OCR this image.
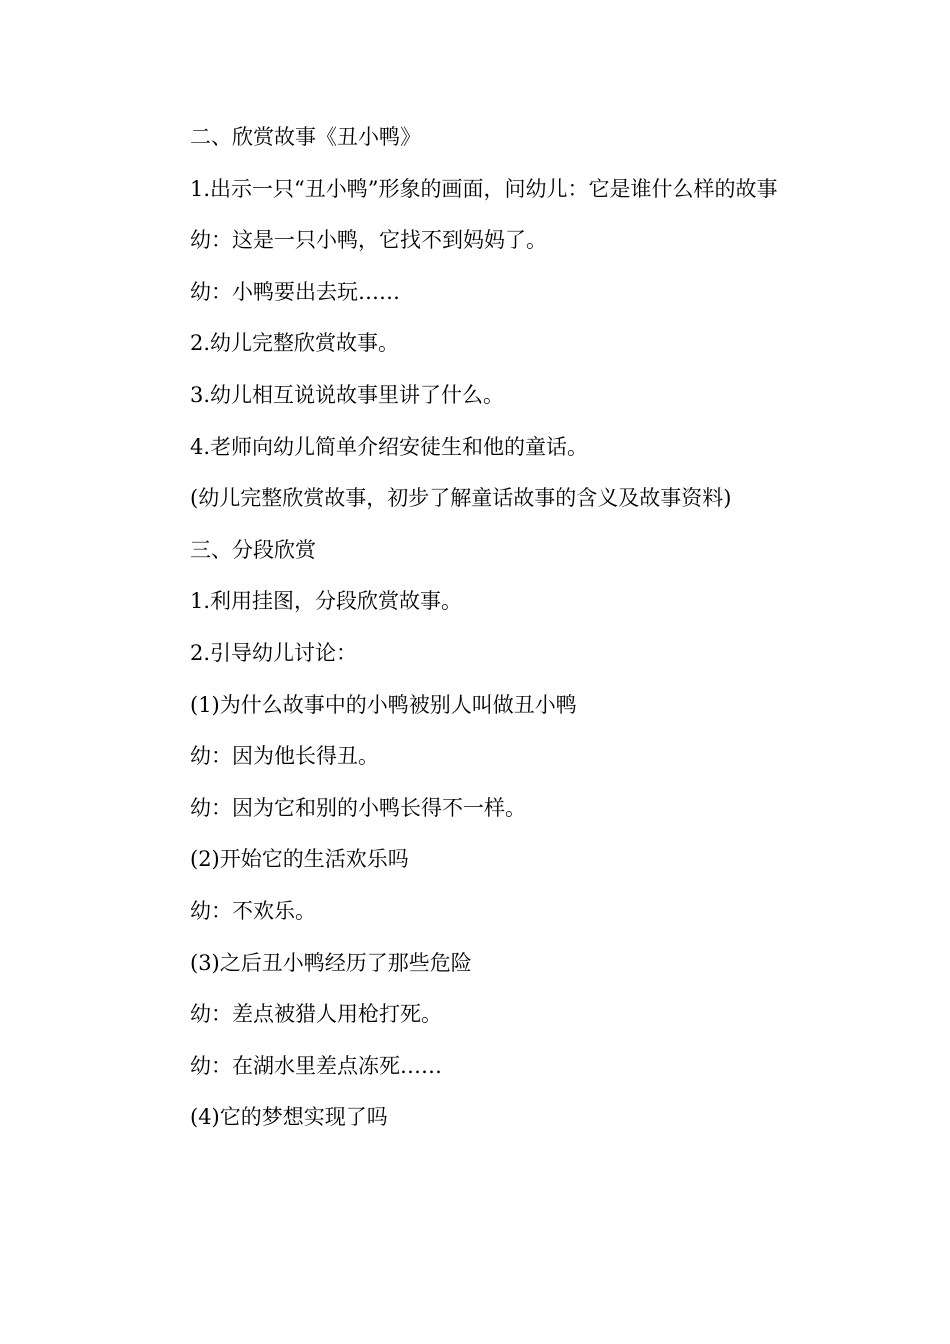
二、欣赏故事《丑小鸭》

1.出示一只“丑小鸭”形象的画面，问幼儿：它是谁什么样的故事

幼：这是一只小鸭，它找不到妈妈了。

幼：小鸭要出去玩……

2.幼儿完整欣赏故事。

3.幼儿相互说说故事里讲了什么。

4.老师向幼儿简单介绍安徒生和他的童话。

(幼儿完整欣赏故事，初步了解童话故事的含义及故事资料)

三、分段欣赏

1.利用挂图，分段欣赏故事。

2.引导幼儿讨论：

(1)为什么故事中的小鸭被别人叫做丑小鸭

幼：因为他长得丑。

幼：因为它和别的小鸭长得不一样。

(2)开始它的生活欢乐吗

幼：不欢乐。

(3)之后丑小鸭经历了那些危险

幼：差点被猎人用枪打死。

幼：在湖水里差点冻死……

(4)它的梦想实现了吗
